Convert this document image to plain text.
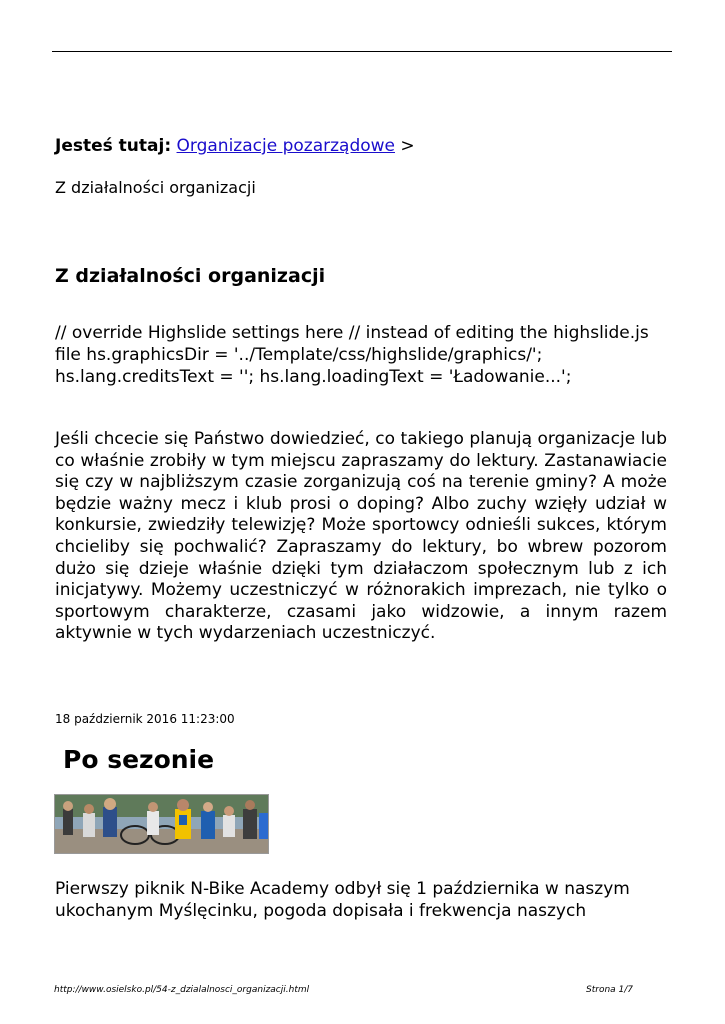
Jesteś tutaj: Organizacje pozarządowe >
Z działalności organizacji
Z działalności organizacji
// override Highslide settings here // instead of editing the highslide.js
file hs.graphicsDir = '../Template/css/highslide/graphics/';
hs.lang.creditsText = ''; hs.lang.loadingText = 'Ładowanie...';
Jeśli chcecie się Państwo dowiedzieć, co takiego planują organizacje lub co właśnie zrobiły w tym miejscu zapraszamy do lektury. Zastanawiacie się czy w najbliższym czasie zorganizują coś na terenie gminy? A może będzie ważny mecz i klub prosi o doping? Albo zuchy wzięły udział w konkursie, zwiedziły telewizję? Może sportowcy odnieśli sukces, którym chcieliby się pochwalić? Zapraszamy do lektury, bo wbrew pozorom dużo się dzieje właśnie dzięki tym działaczom społecznym lub z ich inicjatywy. Możemy uczestniczyć w różnorakich imprezach, nie tylko o sportowym charakterze, czasami jako widzowie, a innym razem aktywnie w tych wydarzeniach uczestniczyć.
18 październik 2016 11:23:00
Po sezonie
Pierwszy piknik N-Bike Academy odbył się 1 października w naszym ukochanym Myślęcinku, pogoda dopisała i frekwencja naszych
http://www.osielsko.pl/54-z_dzialalnosci_organizacji.html	Strona 1/7
